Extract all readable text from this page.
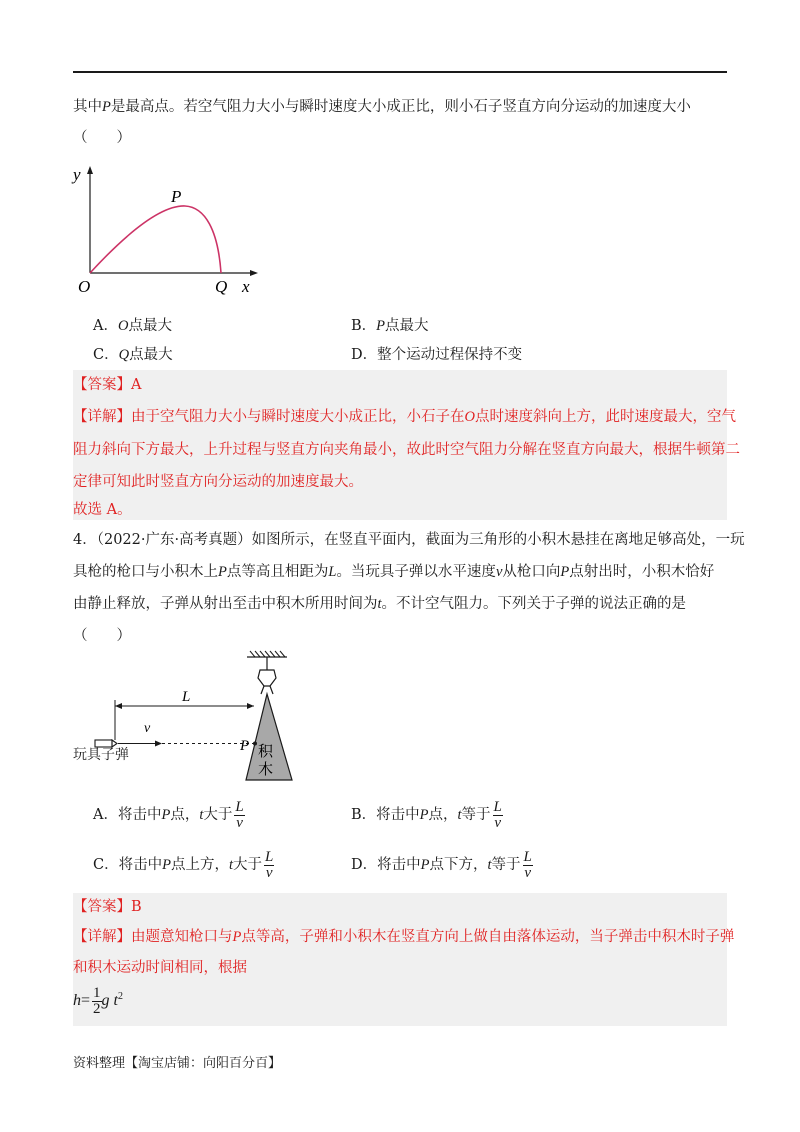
其中P是最高点。若空气阻力大小与瞬时速度大小成正比，则小石子竖直方向分运动的加速度大小
（　　）
y
x
O
P
Q
A．O点最大	B．P点最大
C．Q点最大	D．整个运动过程保持不变
【答案】A
【详解】由于空气阻力大小与瞬时速度大小成正比，小石子在O点时速度斜向上方，此时速度最大，空气
阻力斜向下方最大，上升过程与竖直方向夹角最小，故此时空气阻力分解在竖直方向最大，根据牛顿第二
定律可知此时竖直方向分运动的加速度最大。
故选 A。
4．（2022·广东·高考真题）如图所示，在竖直平面内，截面为三角形的小积木悬挂在离地足够高处，一玩
具枪的枪口与小积木上P点等高且相距为L。当玩具子弹以水平速度v从枪口向P点射出时，小积木恰好
由静止释放，子弹从射出至击中积木所用时间为t。不计空气阻力。下列关于子弹的说法正确的是
（　　）
积
木
L
v
P
玩具子弹
A．将击中P点，t大于 $\frac{L}{v}$	B．将击中P点，t等于 $\frac{L}{v}$
C．将击中P点上方，t大于 $\frac{L}{v}$	D．将击中P点下方，t等于 $\frac{L}{v}$
【答案】B
【详解】由题意知枪口与P点等高，子弹和小积木在竖直方向上做自由落体运动，当子弹击中积木时子弹
和积木运动时间相同，根据
$h= \frac{1}{2}$ g $t^2$
资料整理【淘宝店铺：向阳百分百】
